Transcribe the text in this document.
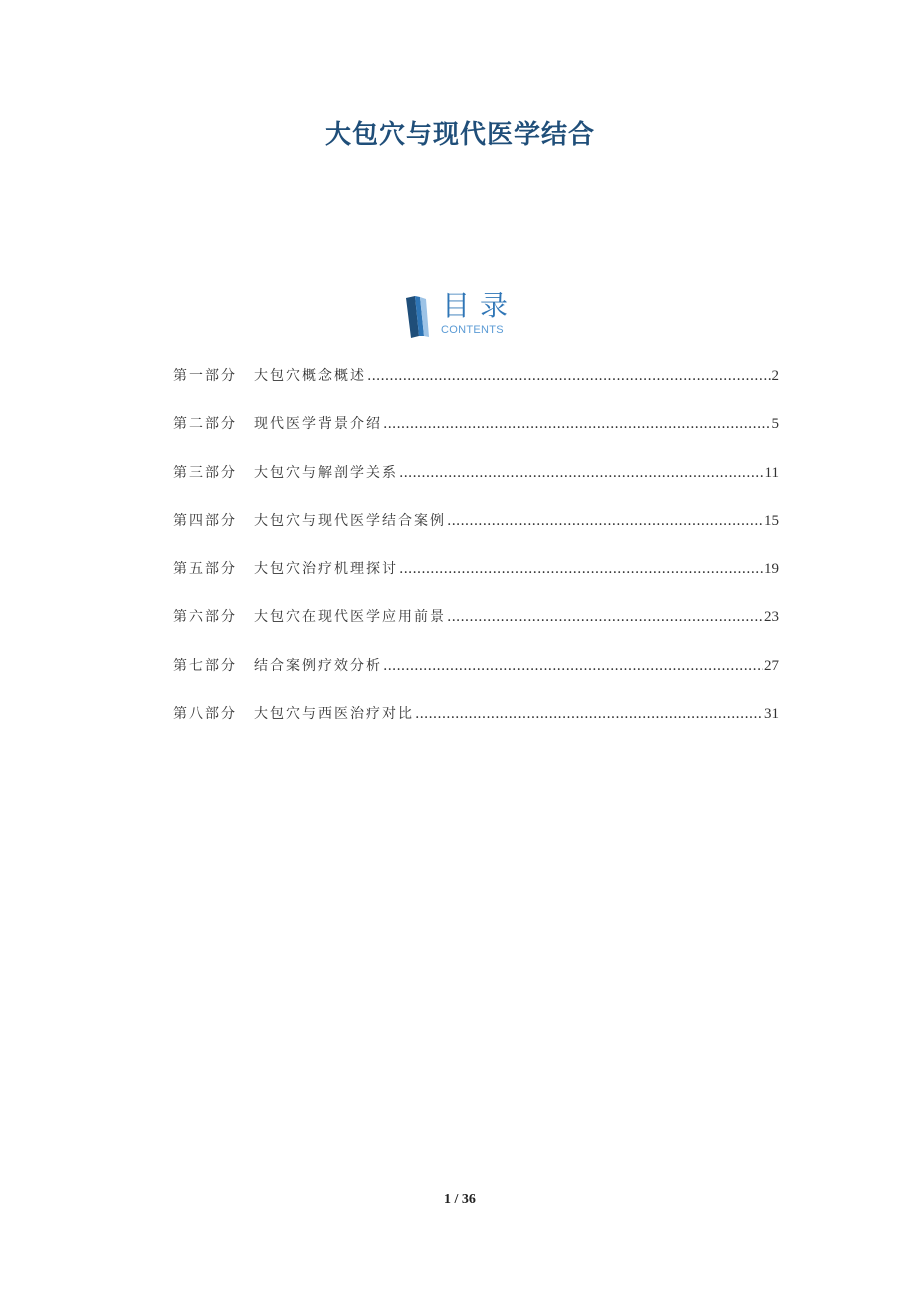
大包穴与现代医学结合
目录
CONTENTS
第一部分	大包穴概念概述 .....	2
第二部分	现代医学背景介绍 .....	5
第三部分	大包穴与解剖学关系 .....	11
第四部分	大包穴与现代医学结合案例 .....	15
第五部分	大包穴治疗机理探讨 .....	19
第六部分	大包穴在现代医学应用前景 .....	23
第七部分	结合案例疗效分析 .....	27
第八部分	大包穴与西医治疗对比 .....	31
1 / 36
